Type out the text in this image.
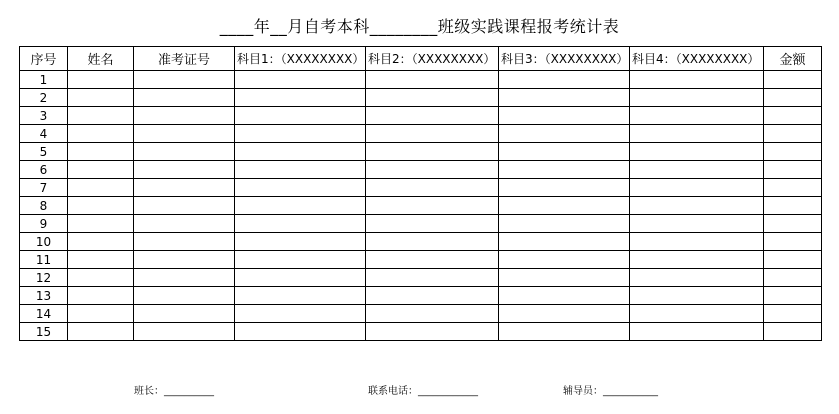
____年__月自考本科________班级实践课程报考统计表
序号	姓名	准考证号	科目1：（XXXXXXXX）	科目2：（XXXXXXXX）	科目3：（XXXXXXXX）	科目4：（XXXXXXXX）	金额
1							
2							
3							
4							
5							
6							
7							
8							
9							
10							
11							
12							
13							
14							
15							
班长：__________	联系电话：____________	辅导员：___________
